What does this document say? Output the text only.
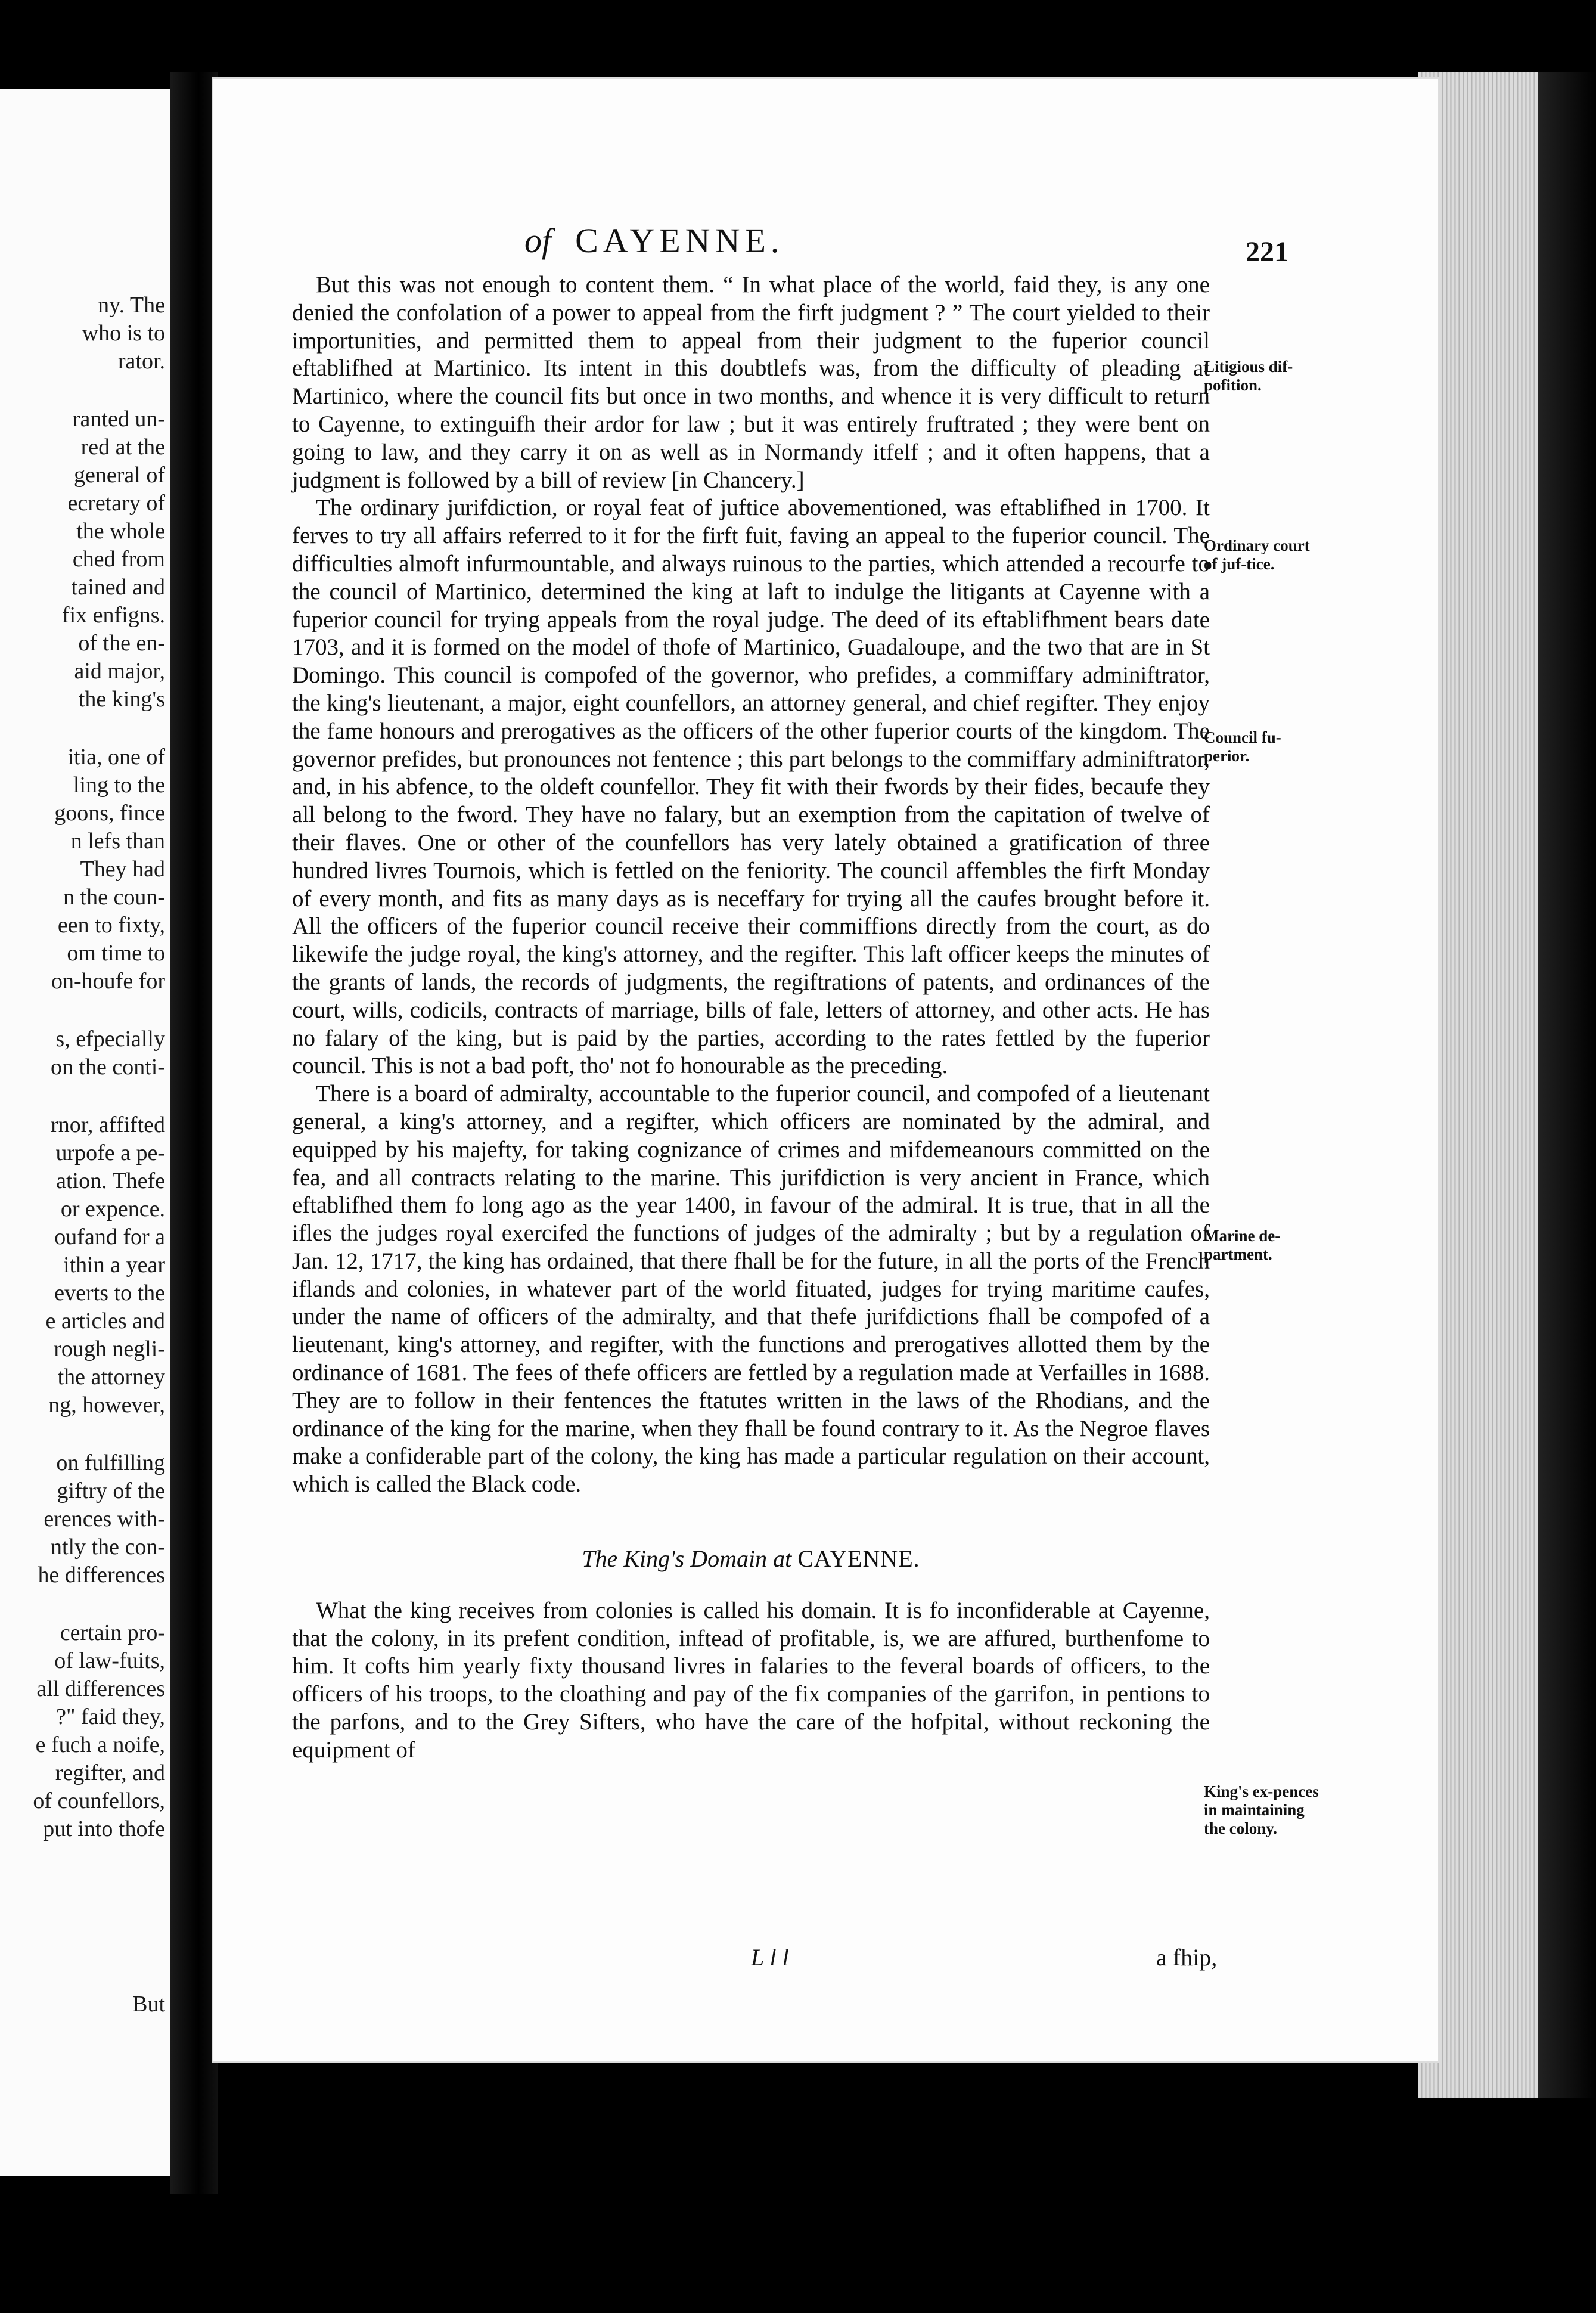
ny. The
who is to
rator.
ranted un-
red at the
general of
ecretary of
the whole
ched from
tained and
fix enfigns.
of the en-
aid major,
the king's
itia, one of
ling to the
goons, fince
n lefs than
They had
n the coun-
een to fixty,
om time to
on-houfe for
s, efpecially
on the conti-
rnor, affifted
urpofe a pe-
ation. Thefe
or expence.
oufand for a
ithin a year
everts to the
e articles and
rough negli-
the attorney
ng, however,
on fulfilling
giftry of the
erences with-
ntly the con-
he differences
certain pro-
of law-fuits,
all differences
?" faid they,
e fuch a noife,
regifter, and
of counfellors,
put into thofe
But
of CAYENNE.	221

But this was not enough to content them. “ In what place of the world, faid they, is any one denied the confolation of a power to appeal from the firft judgment ? ” The court yielded to their importunities, and permitted them to appeal from their judgment to the fuperior council eftablifhed at Martinico. Its intent in this doubtlefs was, from the difficulty of pleading at Martinico, where the council fits but once in two months, and whence it is very difficult to return to Cayenne, to extinguifh their ardor for law ; but it was entirely fruftrated ; they were bent on going to law, and they carry it on as well as in Normandy itfelf ; and it often happens, that a judgment is followed by a bill of review [in Chancery.]

The ordinary jurifdiction, or royal feat of juftice abovementioned, was eftablifhed in 1700. It ferves to try all affairs referred to it for the firft fuit, faving an appeal to the fuperior council. The difficulties almoft infurmountable, and always ruinous to the parties, which attended a recourfe to the council of Martinico, determined the king at laft to indulge the litigants at Cayenne with a fuperior council for trying appeals from the royal judge. The deed of its eftablifhment bears date 1703, and it is formed on the model of thofe of Martinico, Guadaloupe, and the two that are in St Domingo. This council is compofed of the governor, who prefides, a commiffary adminiftrator, the king's lieutenant, a major, eight counfellors, an attorney general, and chief regifter. They enjoy the fame honours and prerogatives as the officers of the other fuperior courts of the kingdom. The governor prefides, but pronounces not fentence ; this part belongs to the commiffary adminiftrator, and, in his abfence, to the oldeft counfellor. They fit with their fwords by their fides, becaufe they all belong to the fword. They have no falary, but an exemption from the capitation of twelve of their flaves. One or other of the counfellors has very lately obtained a gratification of three hundred livres Tournois, which is fettled on the feniority. The council affembles the firft Monday of every month, and fits as many days as is neceffary for trying all the caufes brought before it. All the officers of the fuperior council receive their commiffions directly from the court, as do likewife the judge royal, the king's attorney, and the regifter. This laft officer keeps the minutes of the grants of lands, the records of judgments, the regiftrations of patents, and ordinances of the court, wills, codicils, contracts of marriage, bills of fale, letters of attorney, and other acts. He has no falary of the king, but is paid by the parties, according to the rates fettled by the fuperior council. This is not a bad poft, tho' not fo honourable as the preceding.

There is a board of admiralty, accountable to the fuperior council, and compofed of a lieutenant general, a king's attorney, and a regifter, which officers are nominated by the admiral, and equipped by his majefty, for taking cognizance of crimes and mifdemeanours committed on the fea, and all contracts relating to the marine. This jurifdiction is very ancient in France, which eftablifhed them fo long ago as the year 1400, in favour of the admiral. It is true, that in all the ifles the judges royal exercifed the functions of judges of the admiralty ; but by a regulation of Jan. 12, 1717, the king has ordained, that there fhall be for the future, in all the ports of the French iflands and colonies, in whatever part of the world fituated, judges for trying maritime caufes, under the name of officers of the admiralty, and that thefe jurifdictions fhall be compofed of a lieutenant, king's attorney, and regifter, with the functions and prerogatives allotted them by the ordinance of 1681. The fees of thefe officers are fettled by a regulation made at Verfailles in 1688. They are to follow in their fentences the ftatutes written in the laws of the Rhodians, and the ordinance of the king for the marine, when they fhall be found contrary to it. As the Negroe flaves make a confiderable part of the colony, the king has made a particular regulation on their account, which is called the Black code.

The King's Domain at CAYENNE.

What the king receives from colonies is called his domain. It is fo inconfiderable at Cayenne, that the colony, in its prefent condition, inftead of profitable, is, we are affured, burthenfome to him. It cofts him yearly fixty thousand livres in falaries to the feveral boards of officers, to the officers of his troops, to the cloathing and pay of the fix companies of the garrifon, in pentions to the parfons, and to the Grey Sifters, who have the care of the hofpital, without reckoning the equipment of

Litigious dif-pofition.
Ordinary court of juf-tice.
Council fu-perior.
Marine de-partment.
King's ex-pences in maintaining the colony.
L l l	a fhip,
